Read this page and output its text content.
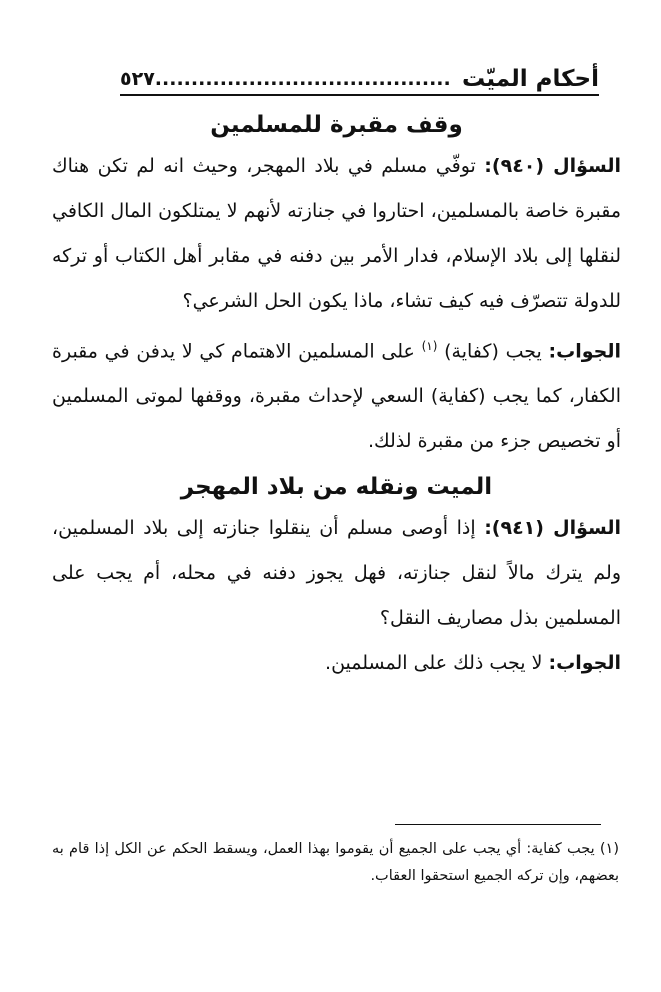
أحكام الميّت
٥٢٧.........................................
وقف مقبرة للمسلمين

السؤال (٩٤٠): توفّي مسلم في بلاد المهجر، وحيث انه لم تكن هناك مقبرة خاصة بالمسلمين، احتاروا في جنازته لأنهم لا يمتلكون المال الكافي لنقلها إلى بلاد الإسلام، فدار الأمر بين دفنه في مقابر أهل الكتاب أو تركه للدولة تتصرّف فيه كيف تشاء، ماذا يكون الحل الشرعي؟

الجواب: يجب (كفاية) $^{(١)}$ على المسلمين الاهتمام كي لا يدفن في مقبرة الكفار، كما يجب (كفاية) السعي لإحداث مقبرة، ووقفها لموتى المسلمين أو تخصيص جزء من مقبرة لذلك.

الميت ونقله من بلاد المهجر

السؤال (٩٤١): إذا أوصى مسلم أن ينقلوا جنازته إلى بلاد المسلمين، ولم يترك مالاً لنقل جنازته، فهل يجوز دفنه في محله، أم يجب على المسلمين بذل مصاريف النقل؟

الجواب: لا يجب ذلك على المسلمين.

(١) يجب كفاية: أي يجب على الجميع أن يقوموا بهذا العمل، ويسقط الحكم عن الكل إذا قام به بعضهم، وإن تركه الجميع استحقوا العقاب.
